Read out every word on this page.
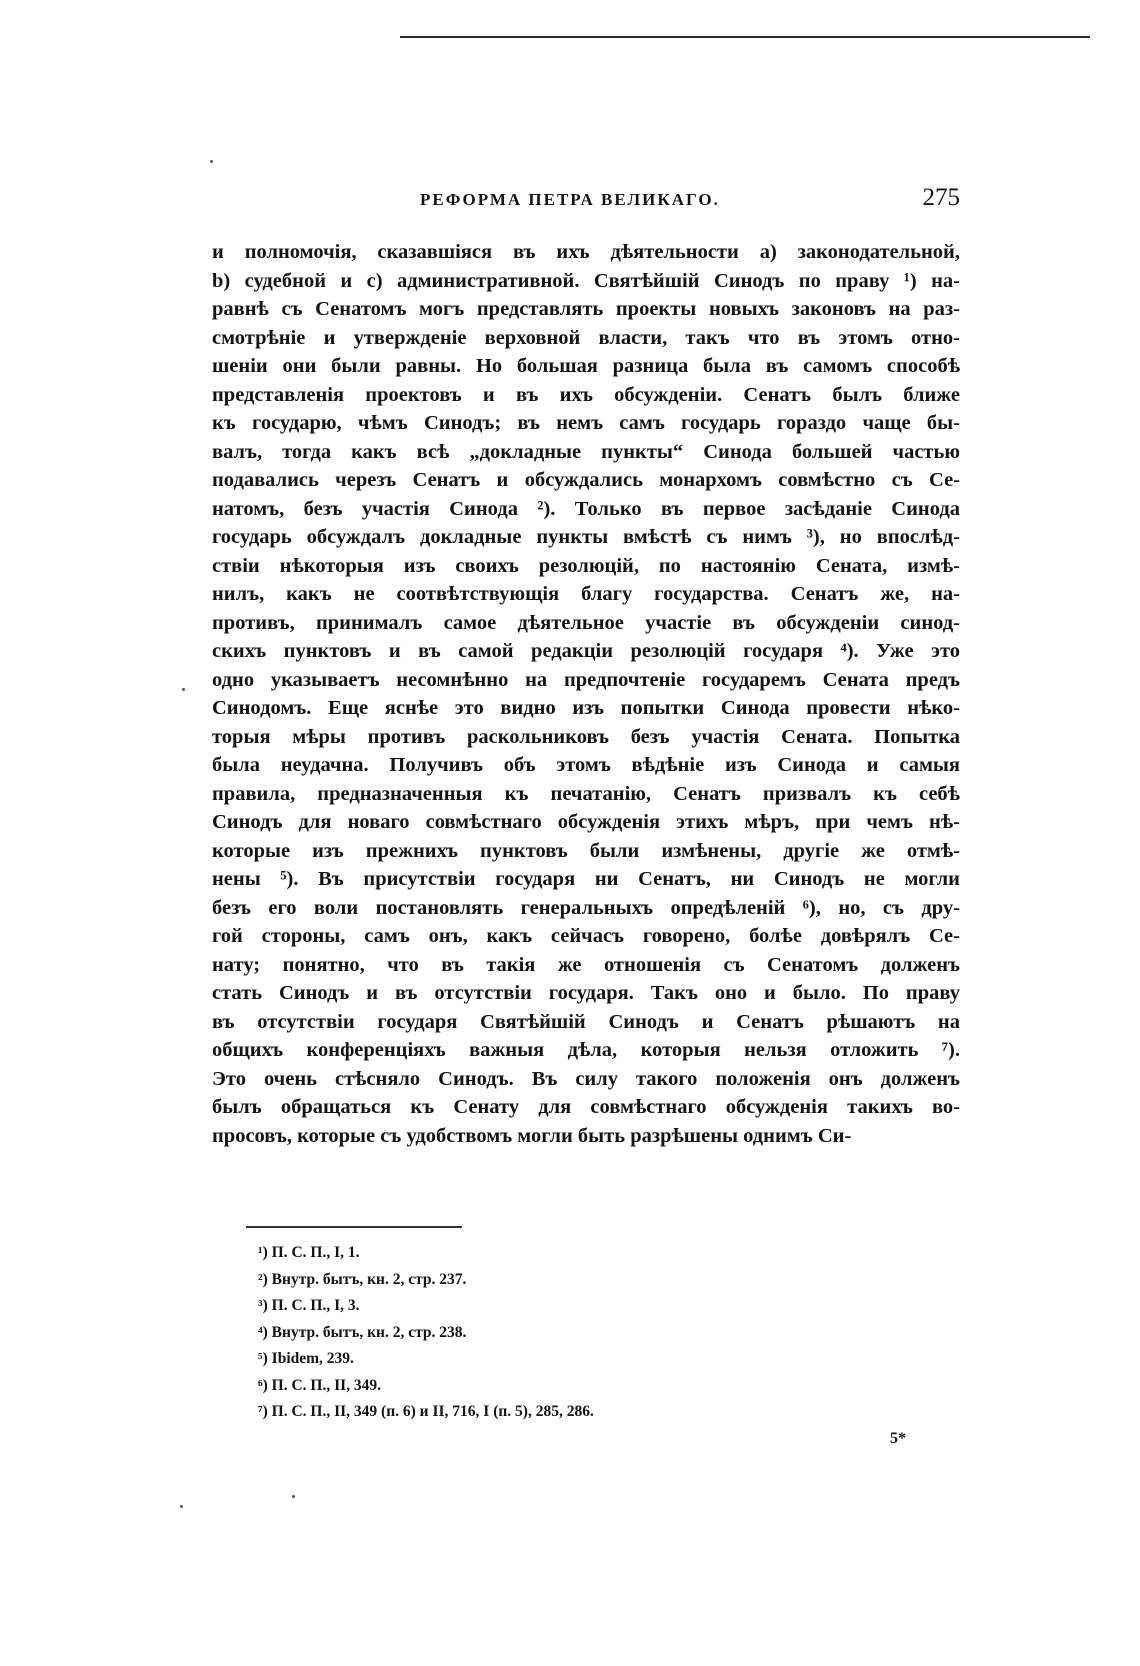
РЕФОРМА ПЕТРА ВЕЛИКАГО.	275
и полномочія, сказавшіяся въ ихъ дѣятельности a) законодательной,
b) судебной и c) административной. Святѣйшій Синодъ по праву ¹) на-
равнѣ съ Сенатомъ могъ представлять проекты новыхъ законовъ на раз-
смотрѣніе и утвержденіе верховной власти, такъ что въ этомъ отно-
шеніи они были равны. Но большая разница была въ самомъ способѣ
представленія проектовъ и въ ихъ обсужденіи. Сенатъ былъ ближе
къ государю, чѣмъ Синодъ; въ немъ самъ государь гораздо чаще бы-
валъ, тогда какъ всѣ „докладные пункты“ Синода большей частью
подавались черезъ Сенатъ и обсуждались монархомъ совмѣстно съ Се-
натомъ, безъ участія Синода ²). Только въ первое засѣданіе Синода
государь обсуждалъ докладные пункты вмѣстѣ съ нимъ ³), но впослѣд-
ствіи нѣкоторыя изъ своихъ резолюцій, по настоянію Сената, измѣ-
нилъ, какъ не соотвѣтствующія благу государства. Сенатъ же, на-
противъ, принималъ самое дѣятельное участіе въ обсужденіи синод-
скихъ пунктовъ и въ самой редакціи резолюцій государя ⁴). Уже это
одно указываетъ несомнѣнно на предпочтеніе государемъ Сената предъ
Синодомъ. Еще яснѣе это видно изъ попытки Синода провести нѣко-
торыя мѣры противъ раскольниковъ безъ участія Сената. Попытка
была неудачна. Получивъ объ этомъ вѣдѣніе изъ Синода и самыя
правила, предназначенныя къ печатанію, Сенатъ призвалъ къ себѣ
Синодъ для новаго совмѣстнаго обсужденія этихъ мѣръ, при чемъ нѣ-
которые изъ прежнихъ пунктовъ были измѣнены, другіе же отмѣ-
нены ⁵). Въ присутствіи государя ни Сенатъ, ни Синодъ не могли
безъ его воли постановлять генеральныхъ опредѣленій ⁶), но, съ дру-
гой стороны, самъ онъ, какъ сейчасъ говорено, болѣе довѣрялъ Се-
нату; понятно, что въ такія же отношенія съ Сенатомъ долженъ
стать Синодъ и въ отсутствіи государя. Такъ оно и было. По праву
въ отсутствіи государя Святѣйшій Синодъ и Сенатъ рѣшаютъ на
общихъ конференціяхъ важныя дѣла, которыя нельзя отложить ⁷).
Это очень стѣсняло Синодъ. Въ силу такого положенія онъ долженъ
былъ обращаться къ Сенату для совмѣстнаго обсужденія такихъ во-
просовъ, которые съ удобствомъ могли быть разрѣшены однимъ Си-
¹) П. С. П., I, 1.
²) Внутр. бытъ, кн. 2, стр. 237.
³) П. С. П., I, 3.
⁴) Внутр. бытъ, кн. 2, стр. 238.
⁵) Ibidem, 239.
⁶) П. С. П., II, 349.
⁷) П. С. П., II, 349 (п. 6) и II, 716, I (п. 5), 285, 286.
5*
